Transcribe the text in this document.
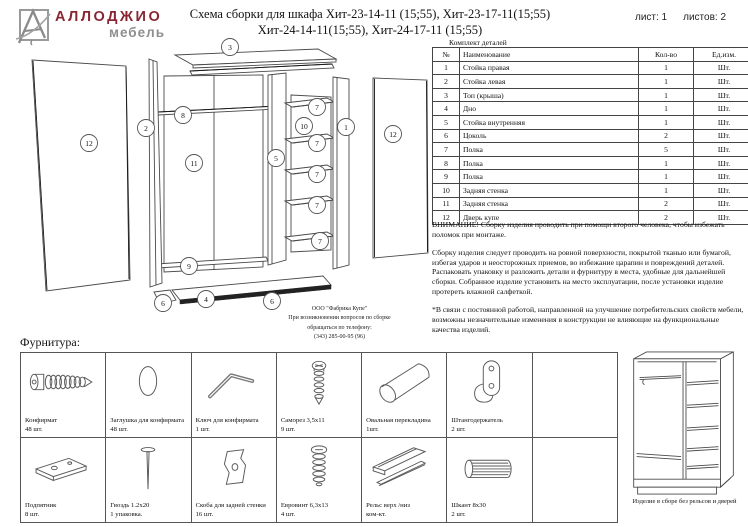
АЛЛОДЖИО
мебель
Схема сборки для шкафа Хит-23-14-11 (15;55), Хит-23-17-11(15;55)
Хит-24-14-11(15;55), Хит-24-17-11 (15;55)
лист: 1 листов: 2
3
12
2
8
11
9
5
10
7
7
7
7
7
1
12
6	4	6
Комплект деталей
№	Наименование	Кол-во	Ед.изм.
1	Стойка правая	1	Шт.
2	Стойка левая	1	Шт.
3	Топ (крыша)	1	Шт.
4	Дно	1	Шт.
5	Стойка внутренняя	1	Шт.
6	Цоколь	2	Шт.
7	Полка	5	Шт.
8	Полка	1	Шт.
9	Полка	1	Шт.
10	Задняя стенка	1	Шт.
11	Задняя стенка	2	Шт.
12	Дверь купе	2	Шт.

ВНИМАНИЕ! Сборку изделия проводить при помощи второго человека, чтобы избежать поломок при монтаже.

Сборку изделия следует проводить на ровной поверхности, покрытой тканью или бумагой, избегая ударов и неосторожных приемов, во избежание царапин и повреждений деталей. Распаковать упаковку и разложить детали и фурнитуру в места, удобные для дальнейшей сборки. Собранное изделие установить на место эксплуатации, после установки изделие протереть влажной салфеткой.

*В связи с постоянной работой, направленной на улучшение потребительских свойств мебели, возможны незначительные изменения в конструкции не влияющие на функциональные качества изделий.

ООО "Фабрика Купе"
При возникновении вопросов по сборке
обращаться по телефону:
(343) 285-00-95 (96)
Фурнитура:
Конфирмат
48 шт.
Заглушка для конфирмата
48 шт.
Ключ для конфирмата
1 шт.
Саморез 3,5х11
9 шт.
Овальная перекладина
1шт.
Штангодержатель
2 шт.
Подпятник
8 шт.
Гвоздь 1.2х20
1 упаковка.
Скоба для задней стенки
16 шт.
Евровинт 6,3х13
4 шт.
Рельс верх /низ
ком-кт.
Шкант 8х30
2 шт.
Изделие в сборе без рельсов и дверей
